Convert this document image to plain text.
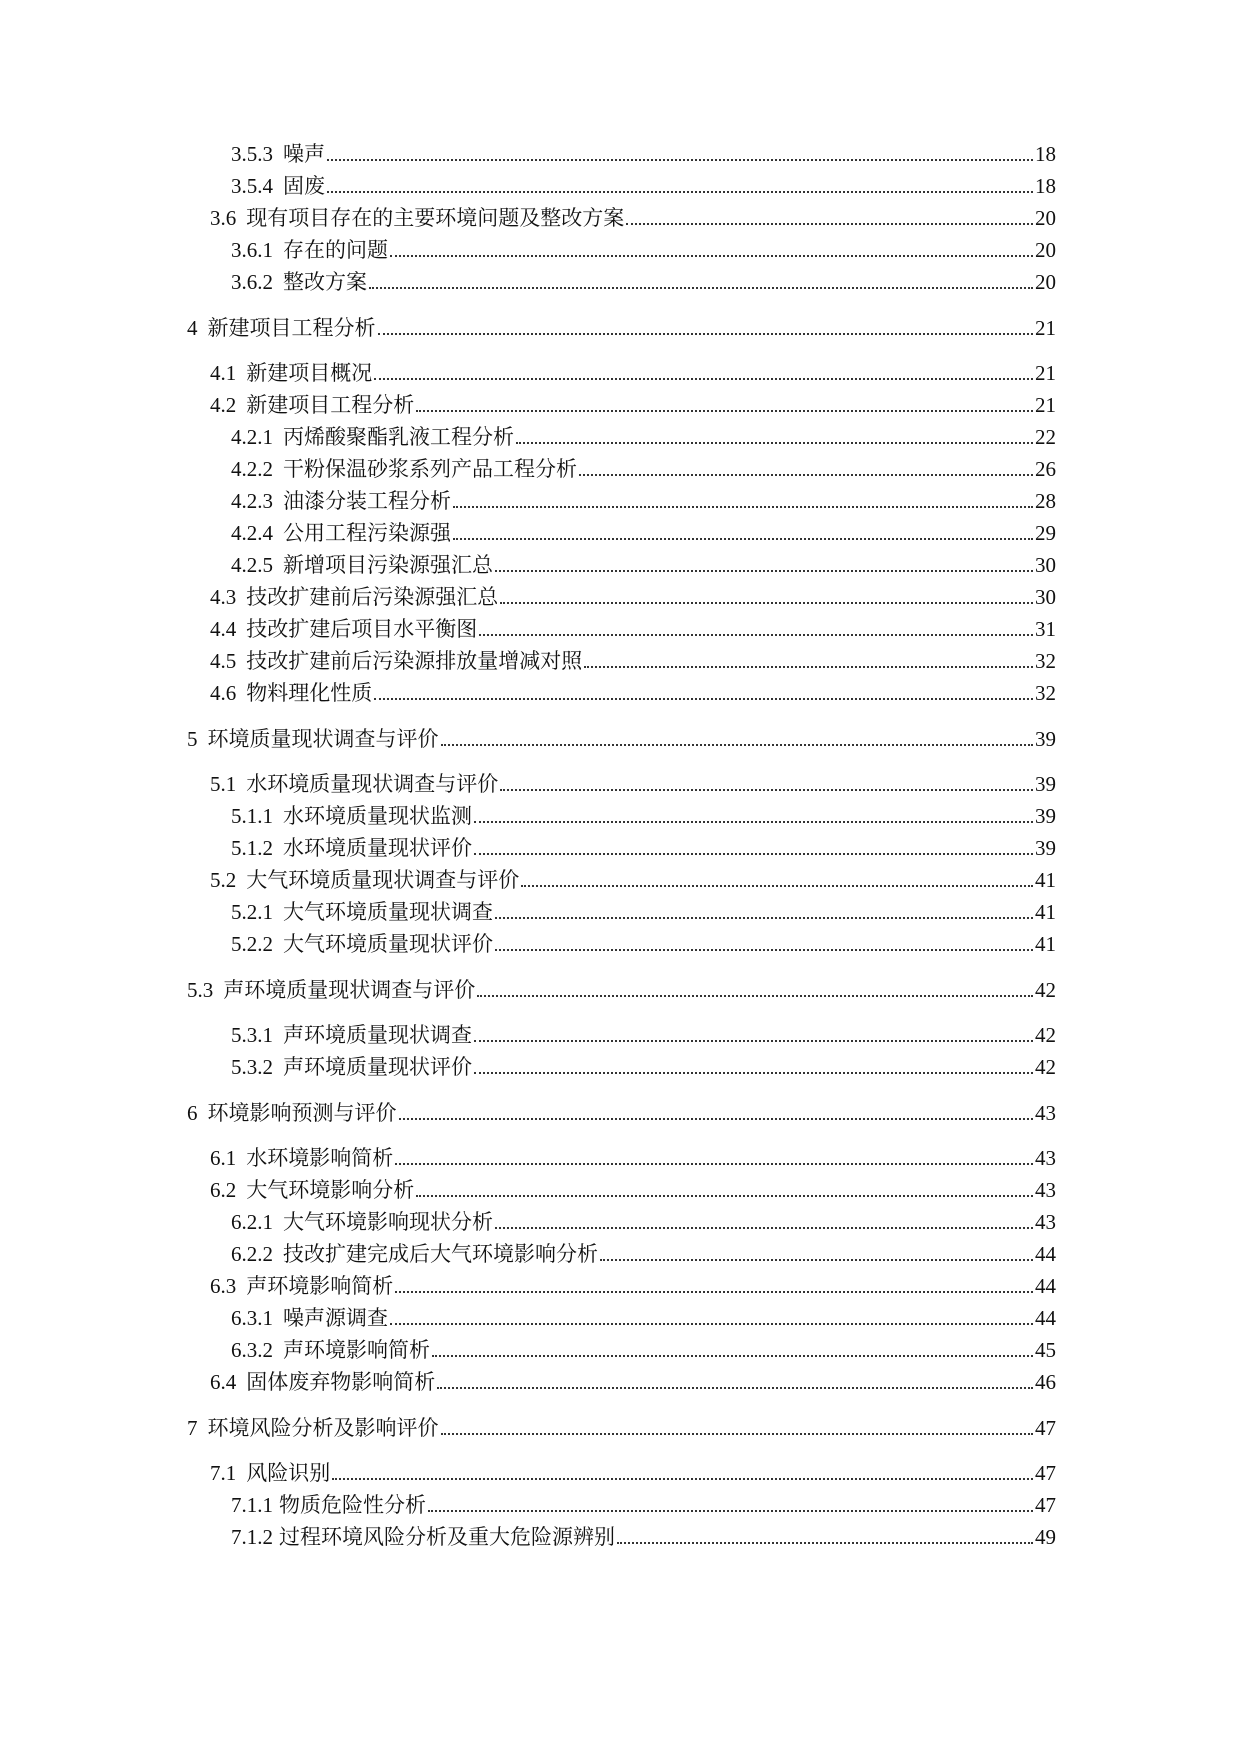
3.5.3 噪声	18
3.5.4 固废	18
3.6 现有项目存在的主要环境问题及整改方案	20
3.6.1 存在的问题	20
3.6.2 整改方案	20
4 新建项目工程分析	21
4.1 新建项目概况	21
4.2 新建项目工程分析	21
4.2.1 丙烯酸聚酯乳液工程分析	22
4.2.2 干粉保温砂浆系列产品工程分析	26
4.2.3 油漆分装工程分析	28
4.2.4 公用工程污染源强	29
4.2.5 新增项目污染源强汇总	30
4.3 技改扩建前后污染源强汇总	30
4.4 技改扩建后项目水平衡图	31
4.5 技改扩建前后污染源排放量增减对照	32
4.6 物料理化性质	32
5 环境质量现状调查与评价	39
5.1 水环境质量现状调查与评价	39
5.1.1 水环境质量现状监测	39
5.1.2 水环境质量现状评价	39
5.2 大气环境质量现状调查与评价	41
5.2.1 大气环境质量现状调查	41
5.2.2 大气环境质量现状评价	41
5.3 声环境质量现状调查与评价	42
5.3.1 声环境质量现状调查	42
5.3.2 声环境质量现状评价	42
6 环境影响预测与评价	43
6.1 水环境影响简析	43
6.2 大气环境影响分析	43
6.2.1 大气环境影响现状分析	43
6.2.2 技改扩建完成后大气环境影响分析	44
6.3 声环境影响简析	44
6.3.1 噪声源调查	44
6.3.2 声环境影响简析	45
6.4 固体废弃物影响简析	46
7 环境风险分析及影响评价	47
7.1 风险识别	47
7.1.1 物质危险性分析	47
7.1.2 过程环境风险分析及重大危险源辨别	49
